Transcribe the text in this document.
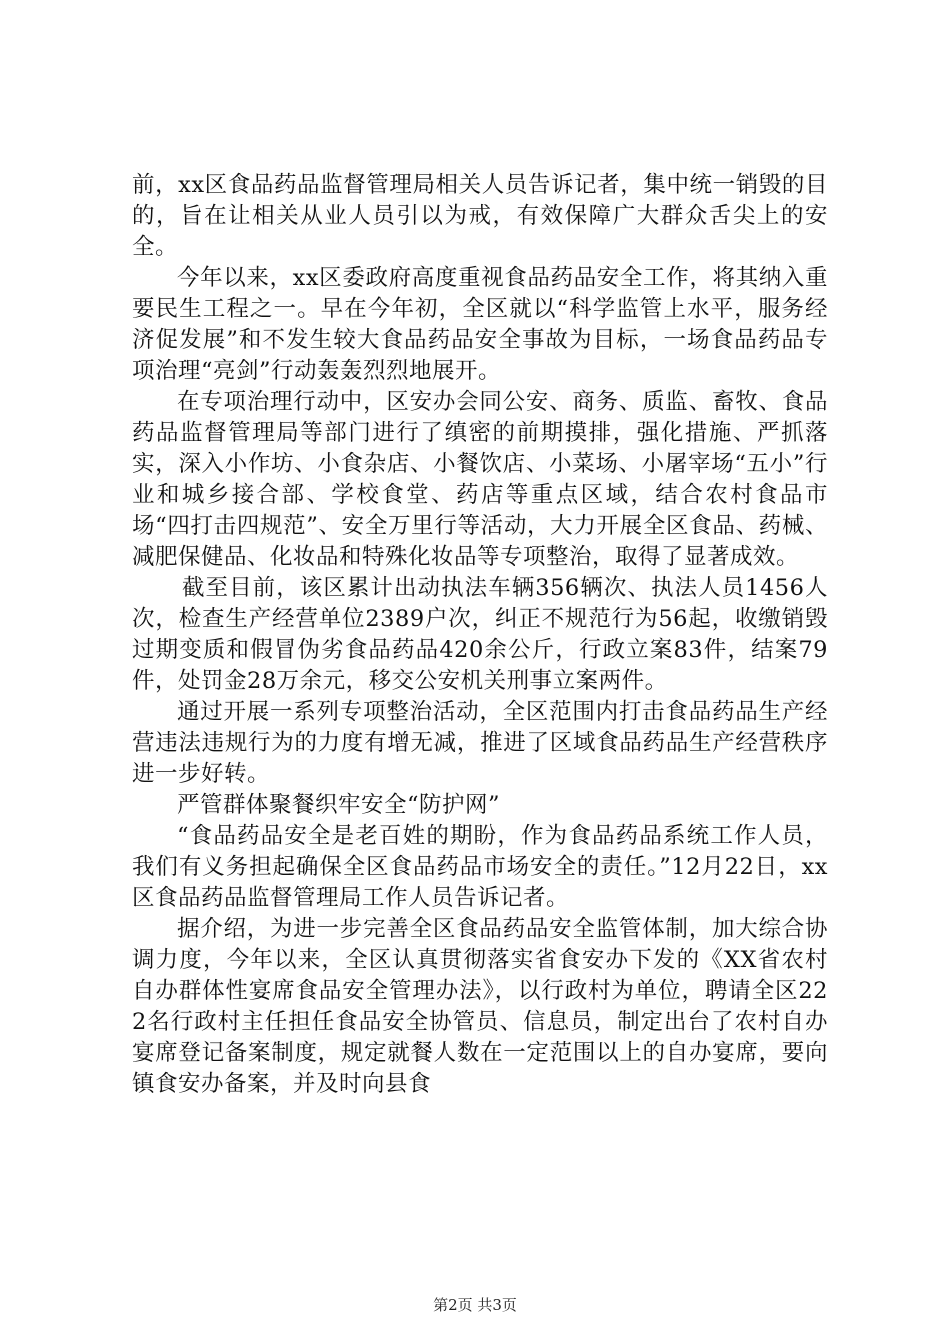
前，xx区食品药品监督管理局相关人员告诉记者，集中统一销毁的目的，旨在让相关从业人员引以为戒，有效保障广大群众舌尖上的安全。

今年以来，xx区委政府高度重视食品药品安全工作，将其纳入重要民生工程之一。早在今年初，全区就以“科学监管上水平，服务经济促发展”和不发生较大食品药品安全事故为目标，一场食品药品专项治理“亮剑”行动轰轰烈烈地展开。

在专项治理行动中，区安办会同公安、商务、质监、畜牧、食品药品监督管理局等部门进行了缜密的前期摸排，强化措施、严抓落实，深入小作坊、小食杂店、小餐饮店、小菜场、小屠宰场“五小”行业和城乡接合部、学校食堂、药店等重点区域，结合农村食品市场“四打击四规范”、安全万里行等活动，大力开展全区食品、药械、减肥保健品、化妆品和特殊化妆品等专项整治，取得了显著成效。

截至目前，该区累计出动执法车辆356辆次、执法人员1456人次，检查生产经营单位2389户次，纠正不规范行为56起，收缴销毁过期变质和假冒伪劣食品药品420余公斤，行政立案83件，结案79件，处罚金28万余元，移交公安机关刑事立案两件。

通过开展一系列专项整治活动，全区范围内打击食品药品生产经营违法违规行为的力度有增无减，推进了区域食品药品生产经营秩序进一步好转。

严管群体聚餐织牢安全“防护网”

“食品药品安全是老百姓的期盼，作为食品药品系统工作人员，我们有义务担起确保全区食品药品市场安全的责任。”12月22日，xx区食品药品监督管理局工作人员告诉记者。

据介绍，为进一步完善全区食品药品安全监管体制，加大综合协调力度，今年以来，全区认真贯彻落实省食安办下发的《XX省农村自办群体性宴席食品安全管理办法》，以行政村为单位，聘请全区222名行政村主任担任食品安全协管员、信息员，制定出台了农村自办宴席登记备案制度，规定就餐人数在一定范围以上的自办宴席，要向镇食安办备案，并及时向县食

第2页 共3页
